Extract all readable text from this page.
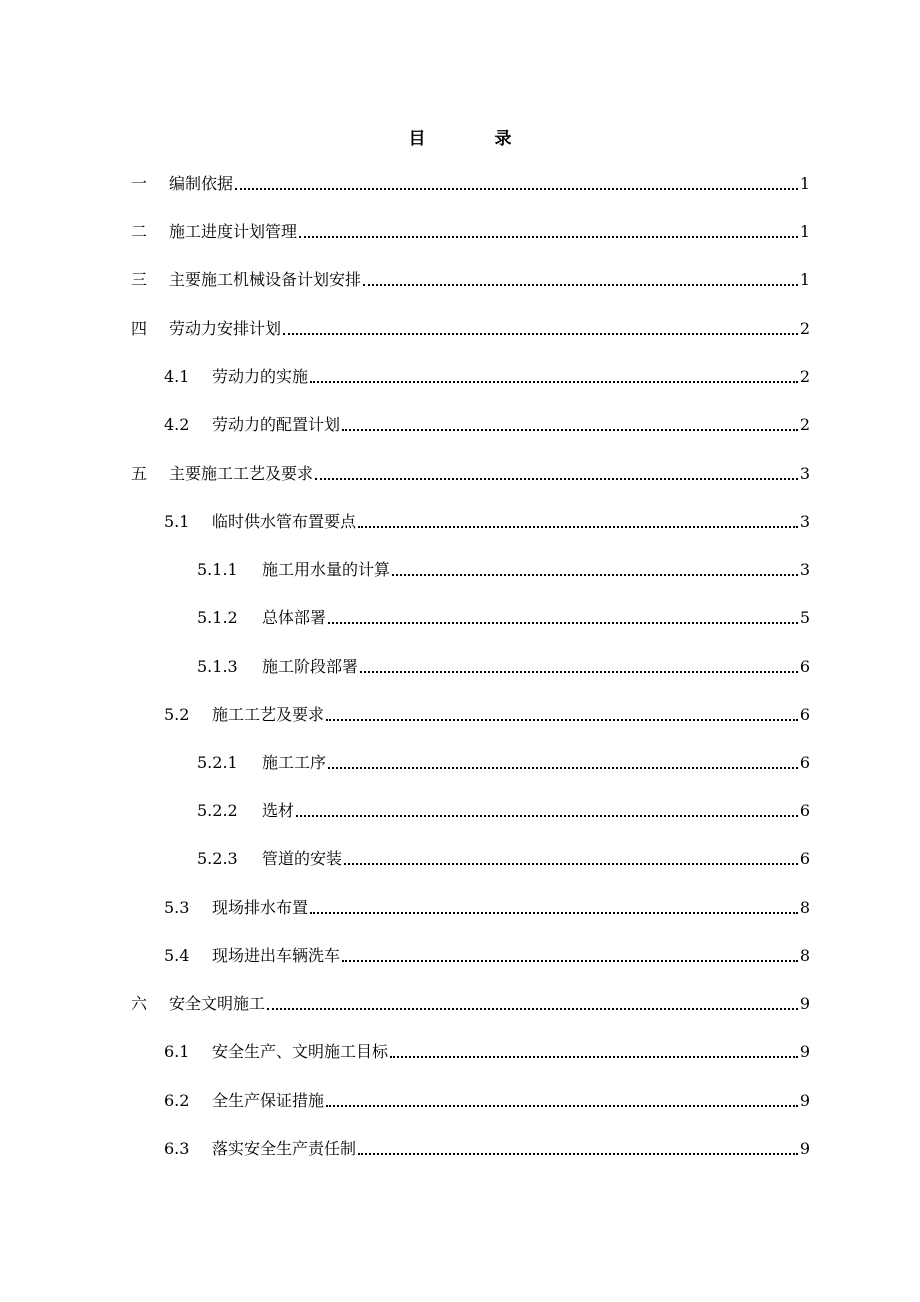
目　录
一	编制依据	1
二	施工进度计划管理	1
三	主要施工机械设备计划安排	1
四	劳动力安排计划	2
4.1	劳动力的实施	2
4.2	劳动力的配置计划	2
五	主要施工工艺及要求	3
5.1	临时供水管布置要点	3
5.1.1	施工用水量的计算	3
5.1.2	总体部署	5
5.1.3	施工阶段部署	6
5.2	施工工艺及要求	6
5.2.1	施工工序	6
5.2.2	选材	6
5.2.3	管道的安装	6
5.3	现场排水布置	8
5.4	现场进出车辆洗车	8
六	安全文明施工	9
6.1	安全生产、文明施工目标	9
6.2	全生产保证措施	9
6.3	落实安全生产责任制	9
